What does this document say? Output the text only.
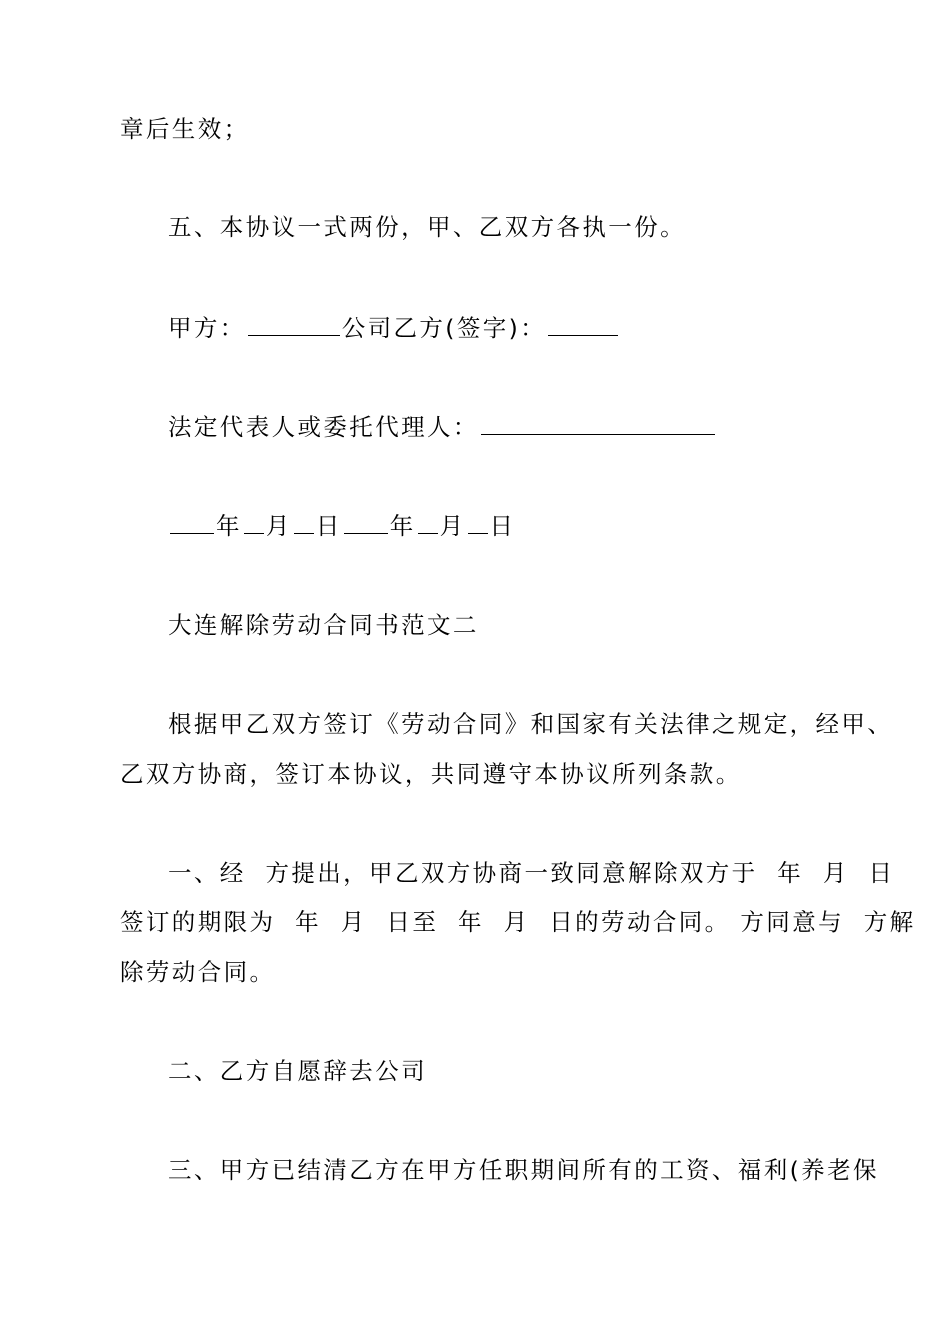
章后生效；
五、本协议一式两份，甲、乙双方各执一份。
甲方：	公司乙方(签字)：
法定代表人或委托代理人：
年 月 日 年 月 日
大连解除劳动合同书范文二
根据甲乙双方签订《劳动合同》和国家有关法律之规定，经甲、
乙双方协商，签订本协议，共同遵守本协议所列条款。
一、经  方提出，甲乙双方协商一致同意解除双方于  年  月  日
签订的期限为  年  月  日至  年  月  日的劳动合同。 方同意与  方解
除劳动合同。
二、乙方自愿辞去公司
三、甲方已结清乙方在甲方任职期间所有的工资、福利(养老保
